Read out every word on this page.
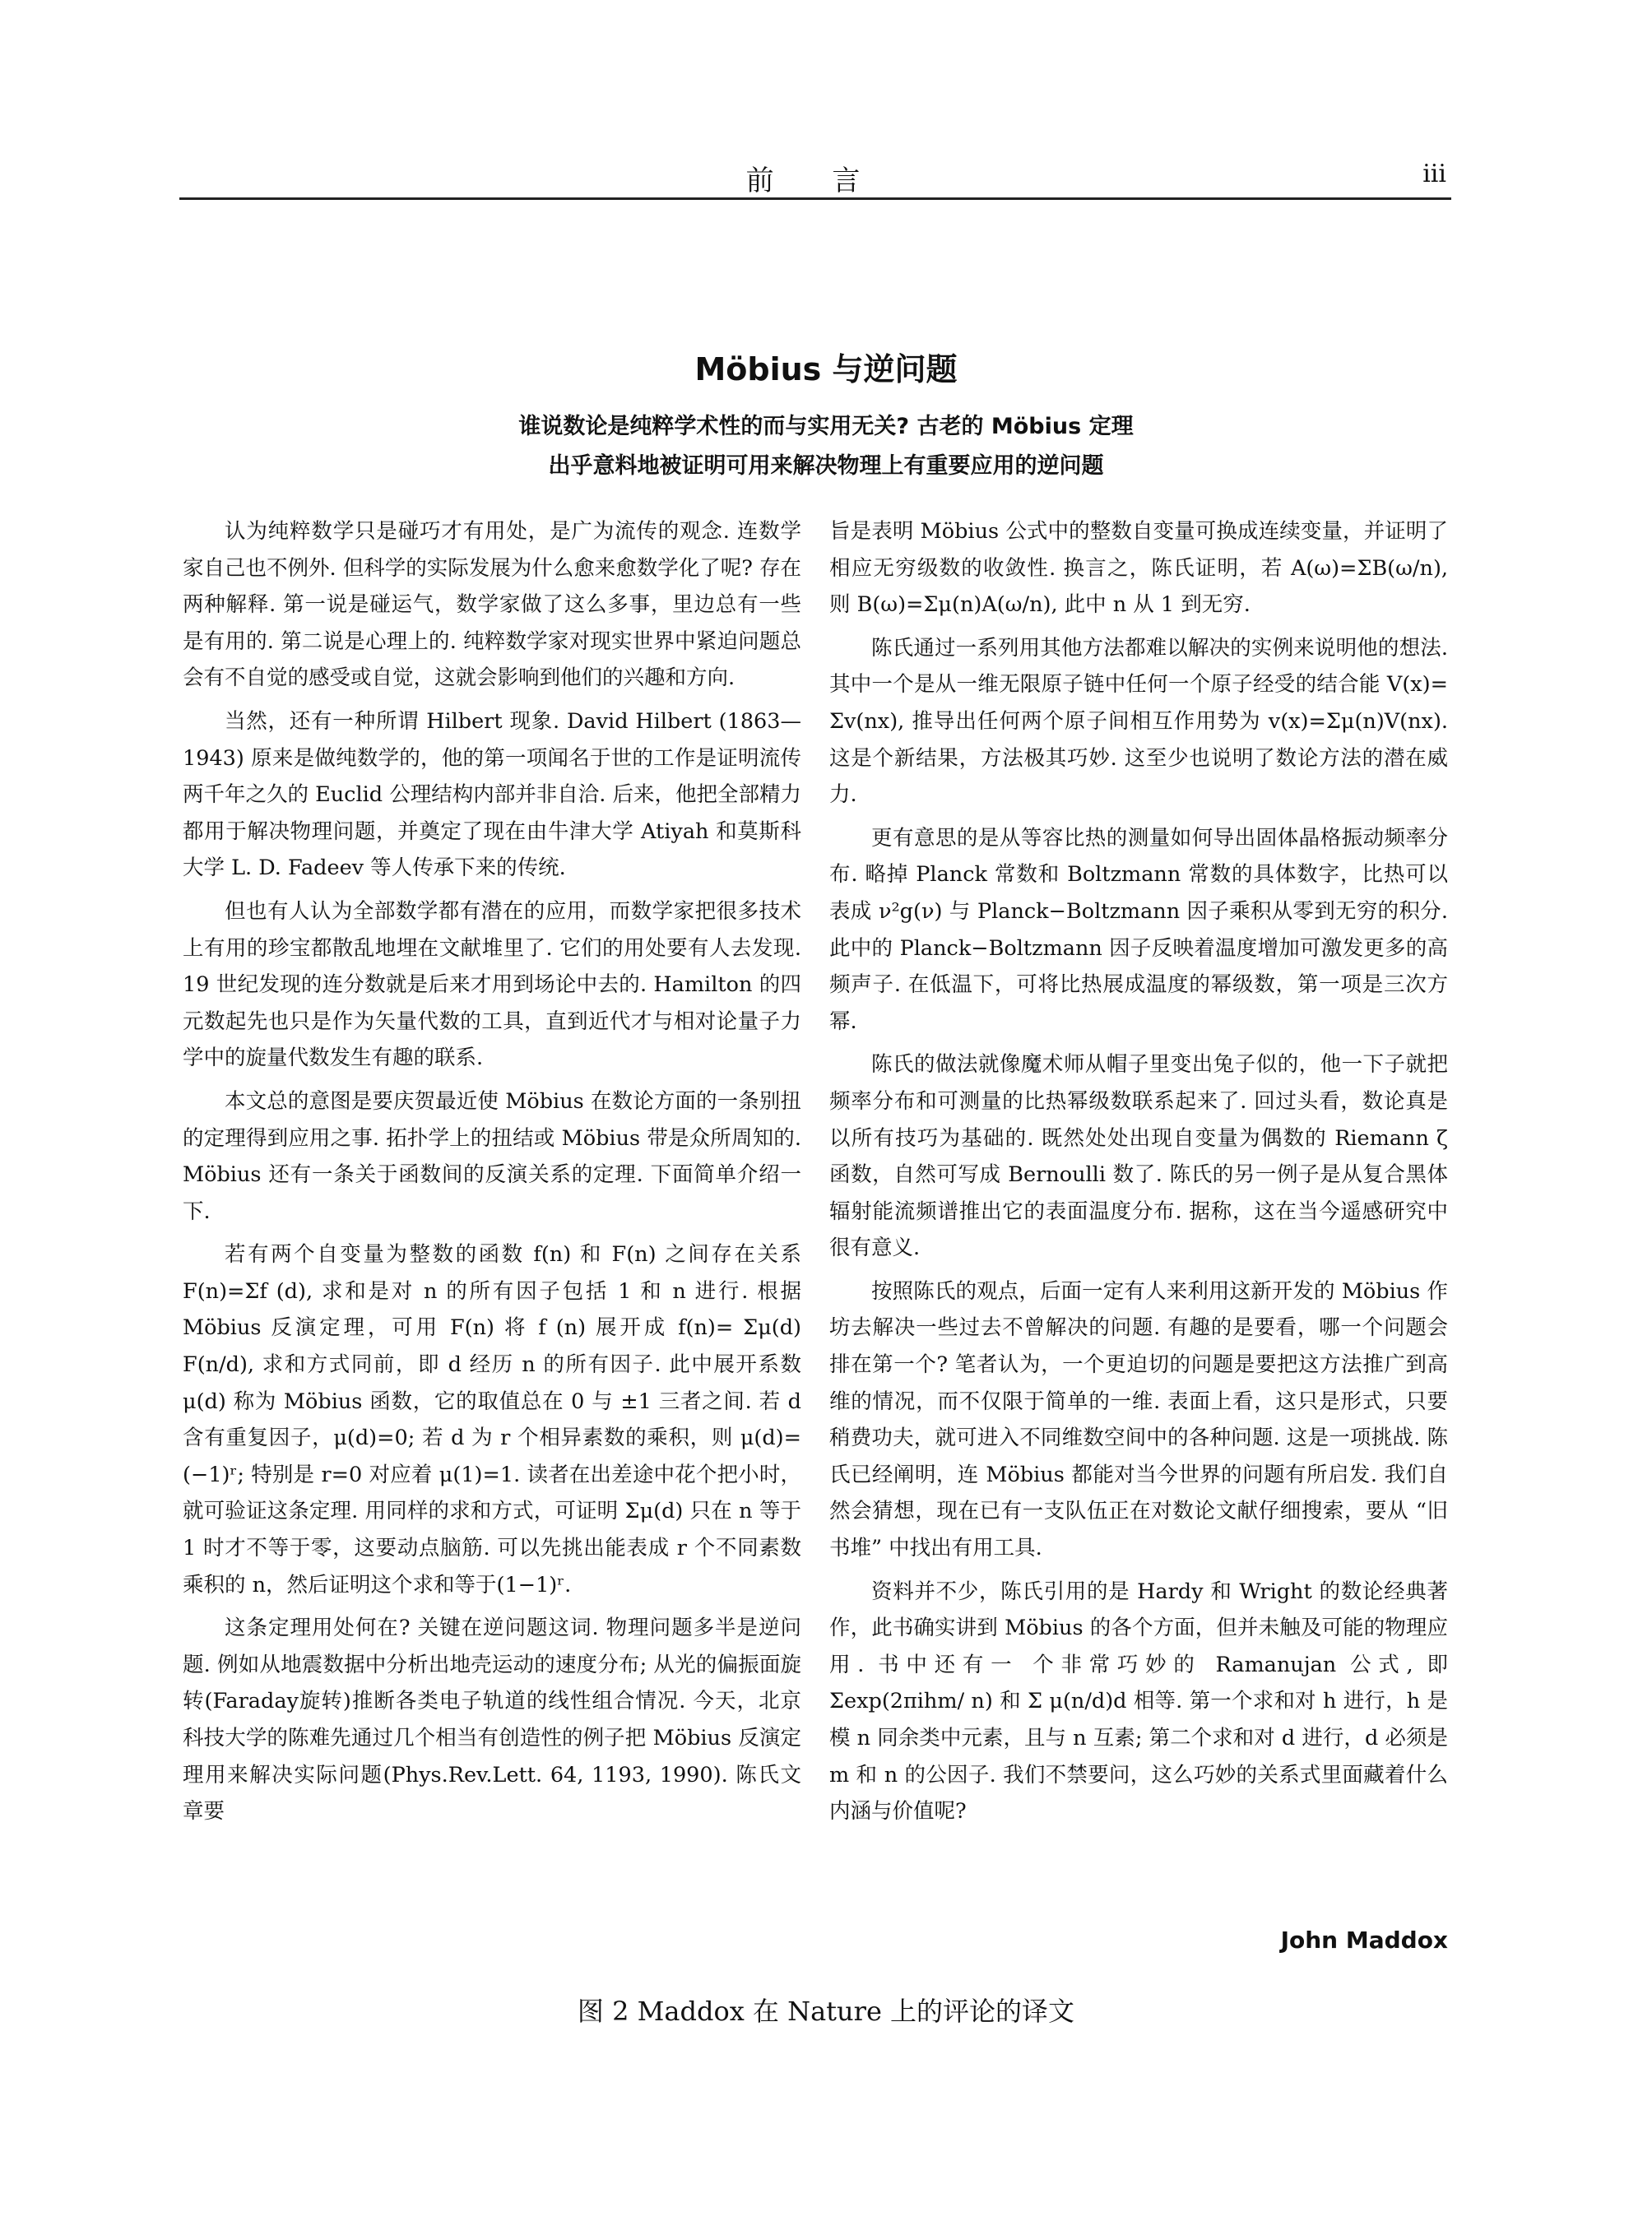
前 言	iii
Möbius 与逆问题
谁说数论是纯粹学术性的而与实用无关? 古老的 Möbius 定理
出乎意料地被证明可用来解决物理上有重要应用的逆问题

认为纯粹数学只是碰巧才有用处，是广为流传的观念. 连数学家自己也不例外. 但科学的实际发展为什么愈来愈数学化了呢? 存在两种解释. 第一说是碰运气，数学家做了这么多事，里边总有一些是有用的. 第二说是心理上的. 纯粹数学家对现实世界中紧迫问题总会有不自觉的感受或自觉，这就会影响到他们的兴趣和方向.

当然，还有一种所谓 Hilbert 现象. David Hilbert (1863—1943) 原来是做纯数学的，他的第一项闻名于世的工作是证明流传两千年之久的 Euclid 公理结构内部并非自洽. 后来，他把全部精力都用于解决物理问题，并奠定了现在由牛津大学 Atiyah 和莫斯科大学 L. D. Fadeev 等人传承下来的传统.

但也有人认为全部数学都有潜在的应用，而数学家把很多技术上有用的珍宝都散乱地埋在文献堆里了. 它们的用处要有人去发现. 19 世纪发现的连分数就是后来才用到场论中去的. Hamilton 的四元数起先也只是作为矢量代数的工具，直到近代才与相对论量子力学中的旋量代数发生有趣的联系.

本文总的意图是要庆贺最近使 Möbius 在数论方面的一条别扭的定理得到应用之事. 拓扑学上的扭结或 Möbius 带是众所周知的. Möbius 还有一条关于函数间的反演关系的定理. 下面简单介绍一下.

若有两个自变量为整数的函数 f(n) 和 F(n) 之间存在关系 F(n)=Σf (d), 求和是对 n 的所有因子包括 1 和 n 进行. 根据 Möbius 反演定理，可用 F(n) 将 f (n) 展开成 f(n)= Σμ(d) F(n/d), 求和方式同前，即 d 经历 n 的所有因子. 此中展开系数 μ(d) 称为 Möbius 函数，它的取值总在 0 与 ±1 三者之间. 若 d 含有重复因子，μ(d)=0; 若 d 为 r 个相异素数的乘积，则 μ(d)=(−1)ʳ; 特别是 r=0 对应着 μ(1)=1. 读者在出差途中花个把小时，就可验证这条定理. 用同样的求和方式，可证明 Σμ(d) 只在 n 等于 1 时才不等于零，这要动点脑筋. 可以先挑出能表成 r 个不同素数乘积的 n，然后证明这个求和等于(1−1)ʳ.

这条定理用处何在? 关键在逆问题这词. 物理问题多半是逆问题. 例如从地震数据中分析出地壳运动的速度分布; 从光的偏振面旋转(Faraday旋转)推断各类电子轨道的线性组合情况. 今天，北京科技大学的陈难先通过几个相当有创造性的例子把 Möbius 反演定理用来解决实际问题(Phys.Rev.Lett. 64, 1193, 1990). 陈氏文章要

旨是表明 Möbius 公式中的整数自变量可换成连续变量，并证明了相应无穷级数的收敛性. 换言之，陈氏证明，若 A(ω)=ΣB(ω/n), 则 B(ω)=Σμ(n)A(ω/n), 此中 n 从 1 到无穷.

陈氏通过一系列用其他方法都难以解决的实例来说明他的想法. 其中一个是从一维无限原子链中任何一个原子经受的结合能 V(x)= Σv(nx), 推导出任何两个原子间相互作用势为 v(x)=Σμ(n)V(nx). 这是个新结果，方法极其巧妙. 这至少也说明了数论方法的潜在威力.

更有意思的是从等容比热的测量如何导出固体晶格振动频率分布. 略掉 Planck 常数和 Boltzmann 常数的具体数字，比热可以表成 ν²g(ν) 与 Planck−Boltzmann 因子乘积从零到无穷的积分. 此中的 Planck−Boltzmann 因子反映着温度增加可激发更多的高频声子. 在低温下，可将比热展成温度的幂级数，第一项是三次方幂.

陈氏的做法就像魔术师从帽子里变出兔子似的，他一下子就把频率分布和可测量的比热幂级数联系起来了. 回过头看，数论真是以所有技巧为基础的. 既然处处出现自变量为偶数的 Riemann ζ 函数，自然可写成 Bernoulli 数了. 陈氏的另一例子是从复合黑体辐射能流频谱推出它的表面温度分布. 据称，这在当今遥感研究中很有意义.

按照陈氏的观点，后面一定有人来利用这新开发的 Möbius 作坊去解决一些过去不曾解决的问题. 有趣的是要看，哪一个问题会排在第一个? 笔者认为，一个更迫切的问题是要把这方法推广到高维的情况，而不仅限于简单的一维. 表面上看，这只是形式，只要稍费功夫，就可进入不同维数空间中的各种问题. 这是一项挑战. 陈氏已经阐明，连 Möbius 都能对当今世界的问题有所启发. 我们自然会猜想，现在已有一支队伍正在对数论文献仔细搜索，要从 “旧书堆” 中找出有用工具.

资料并不少，陈氏引用的是 Hardy 和 Wright 的数论经典著作，此书确实讲到 Möbius 的各个方面，但并未触及可能的物理应用. 书中还有一 个非常巧妙的 Ramanujan 公式, 即 Σexp(2πihm/ n) 和 Σ μ(n/d)d 相等. 第一个求和对 h 进行，h 是模 n 同余类中元素，且与 n 互素; 第二个求和对 d 进行，d 必须是 m 和 n 的公因子. 我们不禁要问，这么巧妙的关系式里面藏着什么内涵与价值呢?

John Maddox
图 2 Maddox 在 Nature 上的评论的译文
